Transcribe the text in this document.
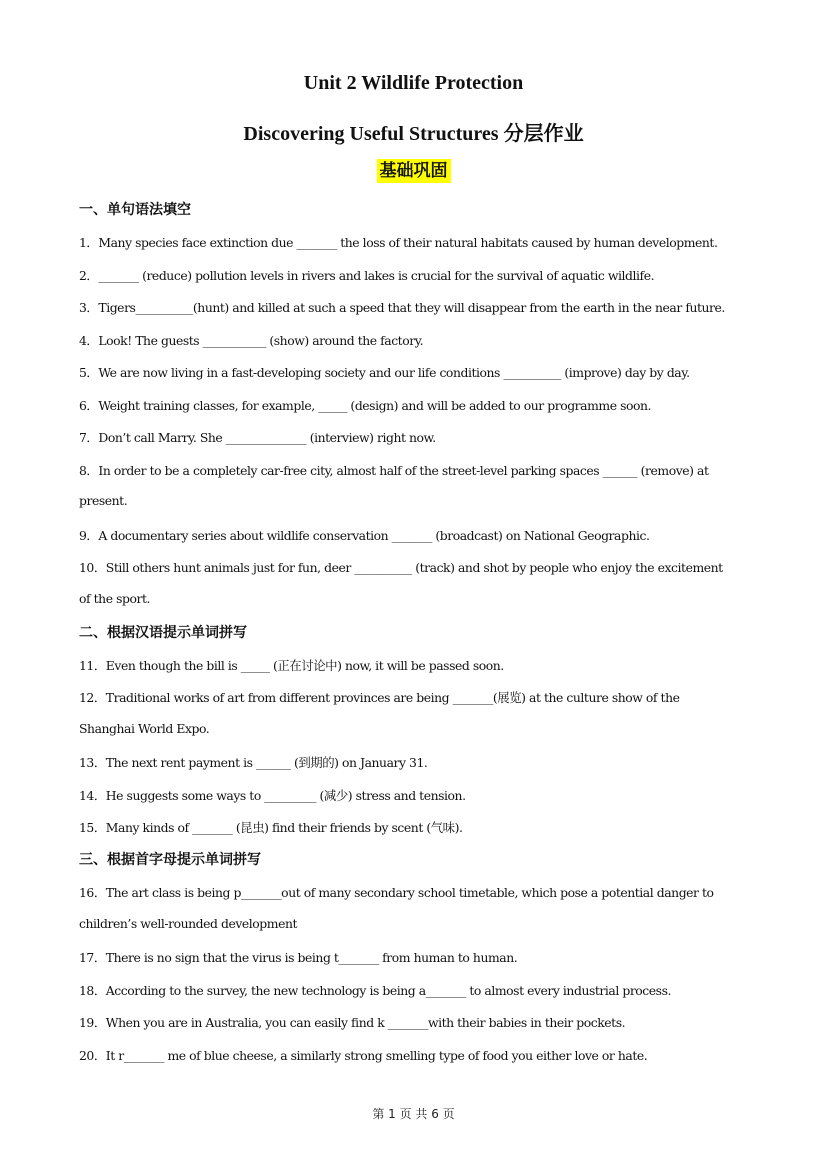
Unit 2 Wildlife Protection
Discovering Useful Structures 分层作业
基础巩固
一、单句语法填空
1．Many species face extinction due _______ the loss of their natural habitats caused by human development.
2．_______ (reduce) pollution levels in rivers and lakes is crucial for the survival of aquatic wildlife.
3．Tigers__________(hunt) and killed at such a speed that they will disappear from the earth in the near future.
4．Look! The guests ___________ (show) around the factory.
5．We are now living in a fast-developing society and our life conditions __________ (improve) day by day.
6．Weight training classes, for example, _____ (design) and will be added to our programme soon.
7．Don’t call Marry. She ______________ (interview) right now.
8．In order to be a completely car-free city, almost half of the street-level parking spaces ______ (remove) at
present.
9．A documentary series about wildlife conservation _______ (broadcast) on National Geographic.
10．Still others hunt animals just for fun, deer __________ (track) and shot by people who enjoy the excitement
of the sport.
二、根据汉语提示单词拼写
11．Even though the bill is _____ (正在讨论中) now, it will be passed soon.
12．Traditional works of art from different provinces are being _______(展览) at the culture show of the
Shanghai World Expo.
13．The next rent payment is ______ (到期的) on January 31.
14．He suggests some ways to _________ (减少) stress and tension.
15．Many kinds of _______ (昆虫) find their friends by scent (气味).
三、根据首字母提示单词拼写
16．The art class is being p_______out of many secondary school timetable, which pose a potential danger to
children’s well-rounded development
17．There is no sign that the virus is being t_______ from human to human.
18．According to the survey, the new technology is being a_______ to almost every industrial process.
19．When you are in Australia, you can easily find k _______with their babies in their pockets.
20．It r_______ me of blue cheese, a similarly strong smelling type of food you either love or hate.
第 1 页 共 6 页
